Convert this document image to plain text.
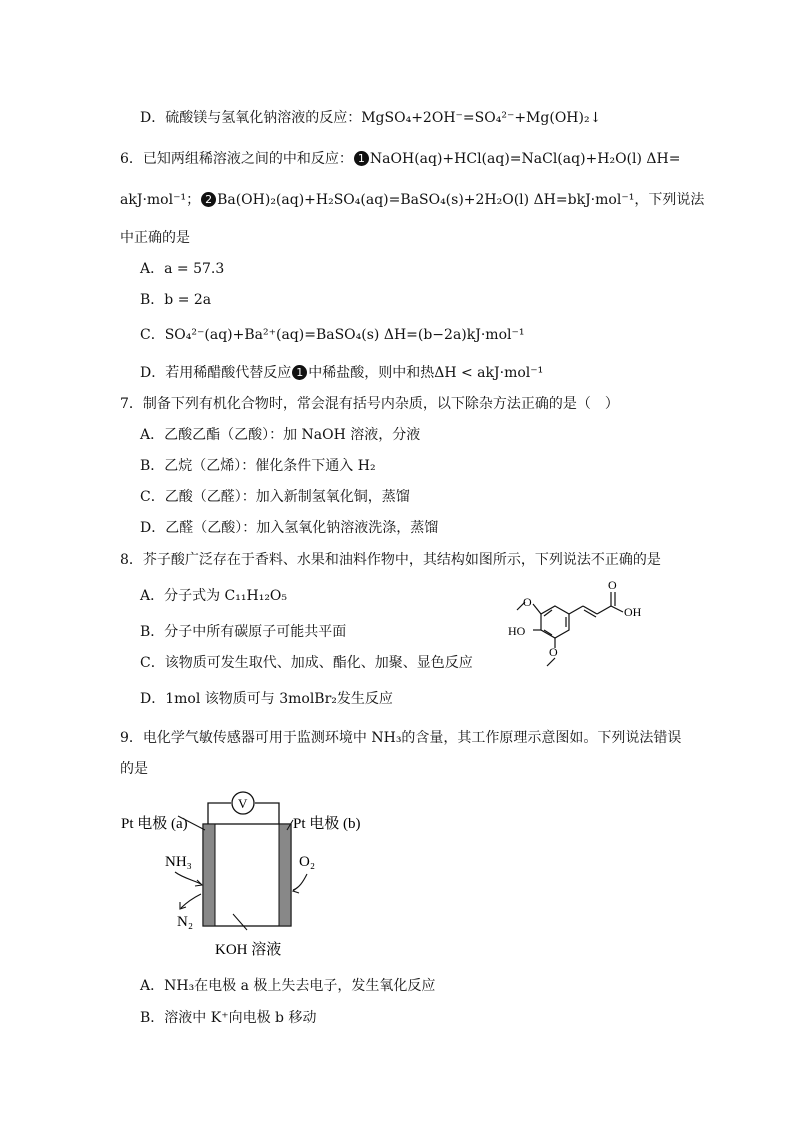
D．硫酸镁与氢氧化钠溶液的反应：MgSO₄+2OH⁻=SO₄²⁻+Mg(OH)₂↓
6．已知两组稀溶液之间的中和反应： 1 NaOH(aq)+HCl(aq)=NaCl(aq)+H₂O(l) ΔH=
akJ·mol⁻¹； 2 Ba(OH)₂(aq)+H₂SO₄(aq)=BaSO₄(s)+2H₂O(l) ΔH=bkJ·mol⁻¹，下列说法
中正确的是
A．a = 57.3
B．b = 2a
C．SO₄²⁻(aq)+Ba²⁺(aq)=BaSO₄(s) ΔH=(b−2a)kJ·mol⁻¹
D．若用稀醋酸代替反应 1 中稀盐酸，则中和热ΔH < akJ·mol⁻¹
7．制备下列有机化合物时，常会混有括号内杂质，以下除杂方法正确的是（　）
A．乙酸乙酯（乙酸）：加 NaOH 溶液，分液
B．乙烷（乙烯）：催化条件下通入 H₂
C．乙酸（乙醛）：加入新制氢氧化铜，蒸馏
D．乙醛（乙酸）：加入氢氧化钠溶液洗涤，蒸馏
8．芥子酸广泛存在于香料、水果和油料作物中，其结构如图所示，下列说法不正确的是
A．分子式为 C₁₁H₁₂O₅
B．分子中所有碳原子可能共平面
C．该物质可发生取代、加成、酯化、加聚、显色反应
D．1mol 该物质可与 3molBr₂发生反应
O
O
HO
O
OH
9．电化学气敏传感器可用于监测环境中 NH₃的含量，其工作原理示意图如。下列说法错误
的是
V
Pt 电极 (a)	Pt 电极 (b)
NH₃
N₂
O₂
KOH 溶液
A．NH₃在电极 a 极上失去电子，发生氧化反应
B．溶液中 K⁺向电极 b 移动
